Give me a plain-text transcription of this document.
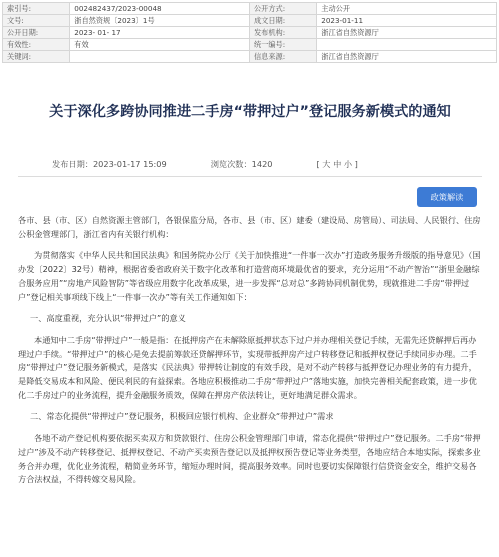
索引号:	002482437/2023-00048	公开方式:	主动公开
文号:	浙自然资规〔2023〕1号	成文日期:	2023-01-11
公开日期:	2023- 01- 17	发布机构:	浙江省自然资源厅
有效性:	有效	统一编号:	
关键词:		信息来源:	浙江省自然资源厅
关于深化多跨协同推进二手房“带押过户”登记服务新模式的通知
发布日期：2023-01-17 15:09	浏览次数：1420	[ 大 中 小 ]
政策解读

各市、县（市、区）自然资源主管部门，各银保监分局，各市、县（市、区）建委（建设局、房管局）、司法局、人民银行、住房公积金管理部门，浙江省内有关银行机构：

为贯彻落实《中华人民共和国民法典》和国务院办公厅《关于加快推进“一件事一次办”打造政务服务升级版的指导意见》（国办发〔2022〕32号）精神，根据省委省政府关于数字化改革和打造营商环境最优省的要求，充分运用“不动产智治”“浙里金融综合服务应用”“房地产风险智防”等省级应用数字化改革成果，进一步发挥“总对总”多跨协同机制优势，现就推进二手房“带押过户”登记相关事项线下线上“一件事一次办”等有关工作通知如下：

一、高度重视，充分认识“带押过户”的意义

本通知中二手房“带押过户”一般是指：在抵押房产在未解除原抵押状态下过户并办理相关登记手续，无需先还贷解押后再办理过户手续。“带押过户”的核心是免去提前筹款还贷解押环节，实现带抵押房产过户转移登记和抵押权登记手续同步办理。二手房“带押过户”登记服务新模式，是落实《民法典》带押转让制度的有效手段，是对不动产转移与抵押登记办理业务的有力提升，是降低交易成本和风险、便民利民的有益探索。各地应积极推动二手房“带押过户”落地实施，加快完善相关配套政策，进一步优化二手房过户的业务流程，提升金融服务质效，保障在押房产依法转让，更好地满足群众需求。

二、常态化提供“带押过户”登记服务，积极回应银行机构、企业群众“带押过户”需求

各地不动产登记机构要依据买卖双方和贷款银行、住房公积金管理部门申请，常态化提供“带押过户”登记服务。二手房“带押过户”涉及不动产转移登记、抵押权登记、不动产买卖预告登记以及抵押权预告登记等业务类型，各地应结合本地实际，探索多业务合并办理，优化业务流程，精简业务环节，缩短办理时间，提高服务效率。同时也要切实保障银行信贷资金安全，维护交易各方合法权益，不得转嫁交易风险。
